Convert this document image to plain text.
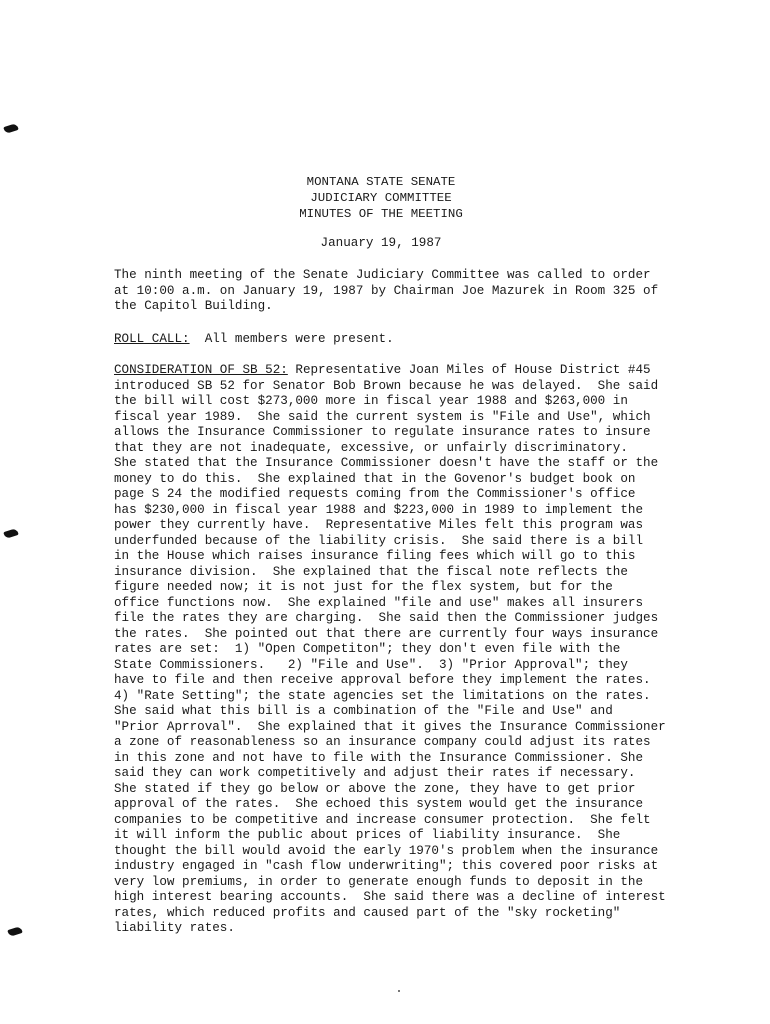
MONTANA STATE SENATE
JUDICIARY COMMITTEE
MINUTES OF THE MEETING
January 19, 1987
The ninth meeting of the Senate Judiciary Committee was called to order
at 10:00 a.m. on January 19, 1987 by Chairman Joe Mazurek in Room 325 of
the Capitol Building.
ROLL CALL:  All members were present.
CONSIDERATION OF SB 52: Representative Joan Miles of House District #45
introduced SB 52 for Senator Bob Brown because he was delayed.  She said
the bill will cost $273,000 more in fiscal year 1988 and $263,000 in
fiscal year 1989.  She said the current system is "File and Use", which
allows the Insurance Commissioner to regulate insurance rates to insure
that they are not inadequate, excessive, or unfairly discriminatory.
She stated that the Insurance Commissioner doesn't have the staff or the
money to do this.  She explained that in the Govenor's budget book on
page S 24 the modified requests coming from the Commissioner's office
has $230,000 in fiscal year 1988 and $223,000 in 1989 to implement the
power they currently have.  Representative Miles felt this program was
underfunded because of the liability crisis.  She said there is a bill
in the House which raises insurance filing fees which will go to this
insurance division.  She explained that the fiscal note reflects the
figure needed now; it is not just for the flex system, but for the
office functions now.  She explained "file and use" makes all insurers
file the rates they are charging.  She said then the Commissioner judges
the rates.  She pointed out that there are currently four ways insurance
rates are set:  1) "Open Competiton"; they don't even file with the
State Commissioners.   2) "File and Use".  3) "Prior Approval"; they
have to file and then receive approval before they implement the rates.
4) "Rate Setting"; the state agencies set the limitations on the rates.
She said what this bill is a combination of the "File and Use" and
"Prior Aprroval".  She explained that it gives the Insurance Commissioner
a zone of reasonableness so an insurance company could adjust its rates
in this zone and not have to file with the Insurance Commissioner. She
said they can work competitively and adjust their rates if necessary.
She stated if they go below or above the zone, they have to get prior
approval of the rates.  She echoed this system would get the insurance
companies to be competitive and increase consumer protection.  She felt
it will inform the public about prices of liability insurance.  She
thought the bill would avoid the early 1970's problem when the insurance
industry engaged in "cash flow underwriting"; this covered poor risks at
very low premiums, in order to generate enough funds to deposit in the
high interest bearing accounts.  She said there was a decline of interest
rates, which reduced profits and caused part of the "sky rocketing"
liability rates.
